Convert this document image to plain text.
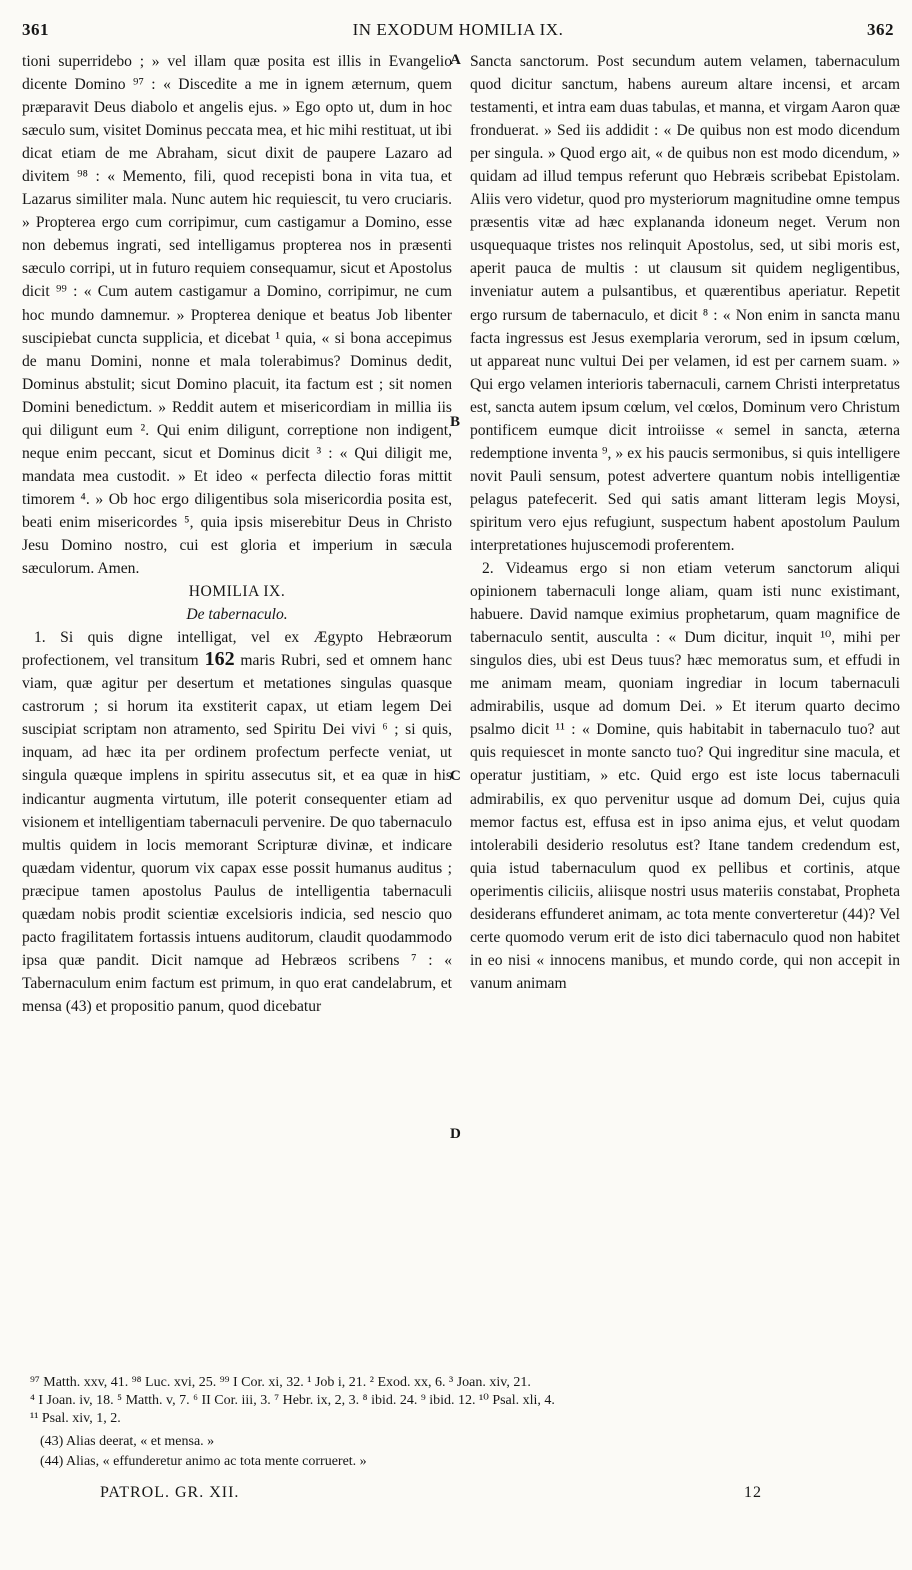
361	IN EXODUM HOMILIA IX.	362
A
B
C
D

tioni superridebo ; » vel illam quæ posita est illis in Evangelio dicente Domino ⁹⁷ : « Discedite a me in ignem æternum, quem præparavit Deus diabolo et angelis ejus. » Ego opto ut, dum in hoc sæculo sum, visitet Dominus peccata mea, et hic mihi restituat, ut ibi dicat etiam de me Abraham, sicut dixit de paupere Lazaro ad divitem ⁹⁸ : « Memento, fili, quod recepisti bona in vita tua, et Lazarus similiter mala. Nunc autem hic requiescit, tu vero cruciaris. » Propterea ergo cum corripimur, cum castigamur a Domino, esse non debemus ingrati, sed intelligamus propterea nos in præsenti sæculo corripi, ut in futuro requiem consequamur, sicut et Apostolus dicit ⁹⁹ : « Cum autem castigamur a Domino, corripimur, ne cum hoc mundo damnemur. » Propterea denique et beatus Job libenter suscipiebat cuncta supplicia, et dicebat ¹ quia, « si bona accepimus de manu Domini, nonne et mala tolerabimus? Dominus dedit, Dominus abstulit; sicut Domino placuit, ita factum est ; sit nomen Domini benedictum. » Reddit autem et misericordiam in millia iis qui diligunt eum ². Qui enim diligunt, correptione non indigent, neque enim peccant, sicut et Dominus dicit ³ : « Qui diligit me, mandata mea custodit. » Et ideo « perfecta dilectio foras mittit timorem ⁴. » Ob hoc ergo diligentibus sola misericordia posita est, beati enim misericordes ⁵, quia ipsis miserebitur Deus in Christo Jesu Domino nostro, cui est gloria et imperium in sæcula sæculorum. Amen.

HOMILIA IX.

De tabernaculo.

1. Si quis digne intelligat, vel ex Ægypto Hebræorum profectionem, vel transitum 162 maris Rubri, sed et omnem hanc viam, quæ agitur per desertum et metationes singulas quasque castrorum ; si horum ita exstiterit capax, ut etiam legem Dei suscipiat scriptam non atramento, sed Spiritu Dei vivi ⁶ ; si quis, inquam, ad hæc ita per ordinem profectum perfecte veniat, ut singula quæque implens in spiritu assecutus sit, et ea quæ in his indicantur augmenta virtutum, ille poterit consequenter etiam ad visionem et intelligentiam tabernaculi pervenire. De quo tabernaculo multis quidem in locis memorant Scripturæ divinæ, et indicare quædam videntur, quorum vix capax esse possit humanus auditus ; præcipue tamen apostolus Paulus de intelligentia tabernaculi quædam nobis prodit scientiæ excelsioris indicia, sed nescio quo pacto fragilitatem fortassis intuens auditorum, claudit quodammodo ipsa quæ pandit. Dicit namque ad Hebræos scribens ⁷ : « Tabernaculum enim factum est primum, in quo erat candelabrum, et mensa (43) et propositio panum, quod dicebatur

Sancta sanctorum. Post secundum autem velamen, tabernaculum quod dicitur sanctum, habens aureum altare incensi, et arcam testamenti, et intra eam duas tabulas, et manna, et virgam Aaron quæ fronduerat. » Sed iis addidit : « De quibus non est modo dicendum per singula. » Quod ergo ait, « de quibus non est modo dicendum, » quidam ad illud tempus referunt quo Hebræis scribebat Epistolam. Aliis vero videtur, quod pro mysteriorum magnitudine omne tempus præsentis vitæ ad hæc explananda idoneum neget. Verum non usquequaque tristes nos relinquit Apostolus, sed, ut sibi moris est, aperit pauca de multis : ut clausum sit quidem negligentibus, inveniatur autem a pulsantibus, et quærentibus aperiatur. Repetit ergo rursum de tabernaculo, et dicit ⁸ : « Non enim in sancta manu facta ingressus est Jesus exemplaria verorum, sed in ipsum cœlum, ut appareat nunc vultui Dei per velamen, id est per carnem suam. » Qui ergo velamen interioris tabernaculi, carnem Christi interpretatus est, sancta autem ipsum cœlum, vel cœlos, Dominum vero Christum pontificem eumque dicit introiisse « semel in sancta, æterna redemptione inventa ⁹, » ex his paucis sermonibus, si quis intelligere novit Pauli sensum, potest advertere quantum nobis intelligentiæ pelagus patefecerit. Sed qui satis amant litteram legis Moysi, spiritum vero ejus refugiunt, suspectum habent apostolum Paulum interpretationes hujuscemodi proferentem.

2. Videamus ergo si non etiam veterum sanctorum aliqui opinionem tabernaculi longe aliam, quam isti nunc existimant, habuere. David namque eximius prophetarum, quam magnifice de tabernaculo sentit, ausculta : « Dum dicitur, inquit ¹⁰, mihi per singulos dies, ubi est Deus tuus? hæc memoratus sum, et effudi in me animam meam, quoniam ingrediar in locum tabernaculi admirabilis, usque ad domum Dei. » Et iterum quarto decimo psalmo dicit ¹¹ : « Domine, quis habitabit in tabernaculo tuo? aut quis requiescet in monte sancto tuo? Qui ingreditur sine macula, et operatur justitiam, » etc. Quid ergo est iste locus tabernaculi admirabilis, ex quo pervenitur usque ad domum Dei, cujus quia memor factus est, effusa est in ipso anima ejus, et velut quodam intolerabili desiderio resolutus est? Itane tandem credendum est, quia istud tabernaculum quod ex pellibus et cortinis, atque operimentis ciliciis, aliisque nostri usus materiis constabat, Propheta desiderans effunderet animam, ac tota mente converteretur (44)? Vel certe quomodo verum erit de isto dici tabernaculo quod non habitet in eo nisi « innocens manibus, et mundo corde, qui non accepit in vanum animam

⁹⁷ Matth. xxv, 41. ⁹⁸ Luc. xvi, 25. ⁹⁹ I Cor. xi, 32. ¹ Job i, 21. ² Exod. xx, 6. ³ Joan. xiv, 21.

⁴ I Joan. iv, 18. ⁵ Matth. v, 7. ⁶ II Cor. iii, 3. ⁷ Hebr. ix, 2, 3. ⁸ ibid. 24. ⁹ ibid. 12. ¹⁰ Psal. xli, 4.

¹¹ Psal. xiv, 1, 2.

(43) Alias deerat, « et mensa. »

(44) Alias, « effunderetur animo ac tota mente corrueret. »

PATROL. GR. XII.	12
